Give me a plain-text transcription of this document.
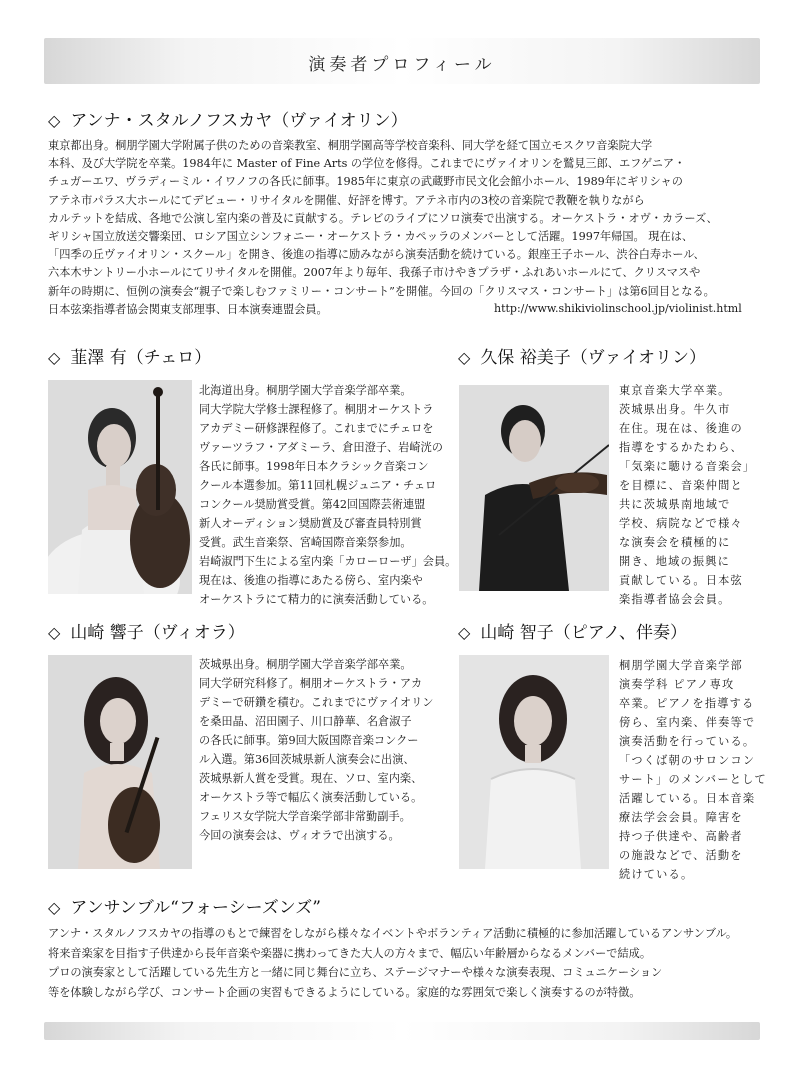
演奏者プロフィール
◇ アンナ・スタルノフスカヤ（ヴァイオリン）
東京都出身。桐朋学園大学附属子供のための音楽教室、桐朋学園高等学校音楽科、同大学を経て国立モスクワ音楽院大学
本科、及び大学院を卒業。1984年に Master of Fine Arts の学位を修得。これまでにヴァイオリンを鷲見三郎、エフゲニア・
チュガーエワ、ヴラディーミル・イワノフの各氏に師事。1985年に東京の武蔵野市民文化会館小ホール、1989年にギリシャの
アテネ市パラス大ホールにてデビュー・リサイタルを開催、好評を博す。アテネ市内の3校の音楽院で教鞭を執りながら
カルテットを結成、各地で公演し室内楽の普及に貢献する。テレビのライブにソロ演奏で出演する。オーケストラ・オヴ・カラーズ、
ギリシャ国立放送交響楽団、ロシア国立シンフォニー・オーケストラ・カペッラのメンバーとして活躍。1997年帰国。 現在は、
「四季の丘ヴァイオリン・スクール」を開き、後進の指導に励みながら演奏活動を続けている。銀座王子ホール、渋谷白寿ホール、
六本木サントリー小ホールにてリサイタルを開催。2007年より毎年、我孫子市けやきプラザ・ふれあいホールにて、クリスマスや
新年の時期に、恒例の演奏会“親子で楽しむファミリー・コンサート”を開催。今回の「クリスマス・コンサート」は第6回目となる。
日本弦楽指導者協会関東支部理事、日本演奏連盟会員。	http://www.shikiviolinschool.jp/violinist.html
◇ 韮澤 有（チェロ）
北海道出身。桐朋学園大学音楽学部卒業。
同大学院大学修士課程修了。桐朋オーケストラ
アカデミー研修課程修了。これまでにチェロを
ヴァーツラフ・アダミーラ、倉田澄子、岩崎洸の
各氏に師事。1998年日本クラシック音楽コン
クール本選参加。第11回札幌ジュニア・チェロ
コンクール奨励賞受賞。第42回国際芸術連盟
新人オーディション奨励賞及び審査員特別賞
受賞。武生音楽祭、宮崎国際音楽祭参加。
岩崎淑門下生による室内楽「カローローザ」会員。
現在は、後進の指導にあたる傍ら、室内楽や
オーケストラにて精力的に演奏活動している。
◇ 久保 裕美子（ヴァイオリン）
東京音楽大学卒業。
茨城県出身。牛久市
在住。現在は、後進の
指導をするかたわら、
「気楽に聴ける音楽会」
を目標に、音楽仲間と
共に茨城県南地域で
学校、病院などで様々
な演奏会を積極的に
開き、地域の振興に
貢献している。日本弦
楽指導者協会会員。
◇ 山崎 響子（ヴィオラ）
茨城県出身。桐朋学園大学音楽学部卒業。
同大学研究科修了。桐朋オーケストラ・アカ
デミーで研鑽を積む。これまでにヴァイオリン
を桑田晶、沼田園子、川口静華、名倉淑子
の各氏に師事。第9回大阪国際音楽コンクー
ル入選。第36回茨城県新人演奏会に出演、
茨城県新人賞を受賞。現在、ソロ、室内楽、
オーケストラ等で幅広く演奏活動している。
フェリス女学院大学音楽学部非常勤副手。
今回の演奏会は、ヴィオラで出演する。
◇ 山崎 智子（ピアノ、伴奏）
桐朋学園大学音楽学部
演奏学科 ピアノ専攻
卒業。ピアノを指導する
傍ら、室内楽、伴奏等で
演奏活動を行っている。
「つくば朝のサロンコン
サート」のメンバーとして
活躍している。日本音楽
療法学会会員。障害を
持つ子供達や、高齢者
の施設などで、活動を
続けている。
◇ アンサンブル“フォーシーズンズ”
アンナ・スタルノフスカヤの指導のもとで練習をしながら様々なイベントやボランティア活動に積極的に参加活躍しているアンサンブル。
将来音楽家を目指す子供達から長年音楽や楽器に携わってきた大人の方々まで、幅広い年齢層からなるメンバーで結成。
プロの演奏家として活躍している先生方と一緒に同じ舞台に立ち、ステージマナーや様々な演奏表現、コミュニケーション
等を体験しながら学び、コンサート企画の実習もできるようにしている。家庭的な雰囲気で楽しく演奏するのが特徴。
